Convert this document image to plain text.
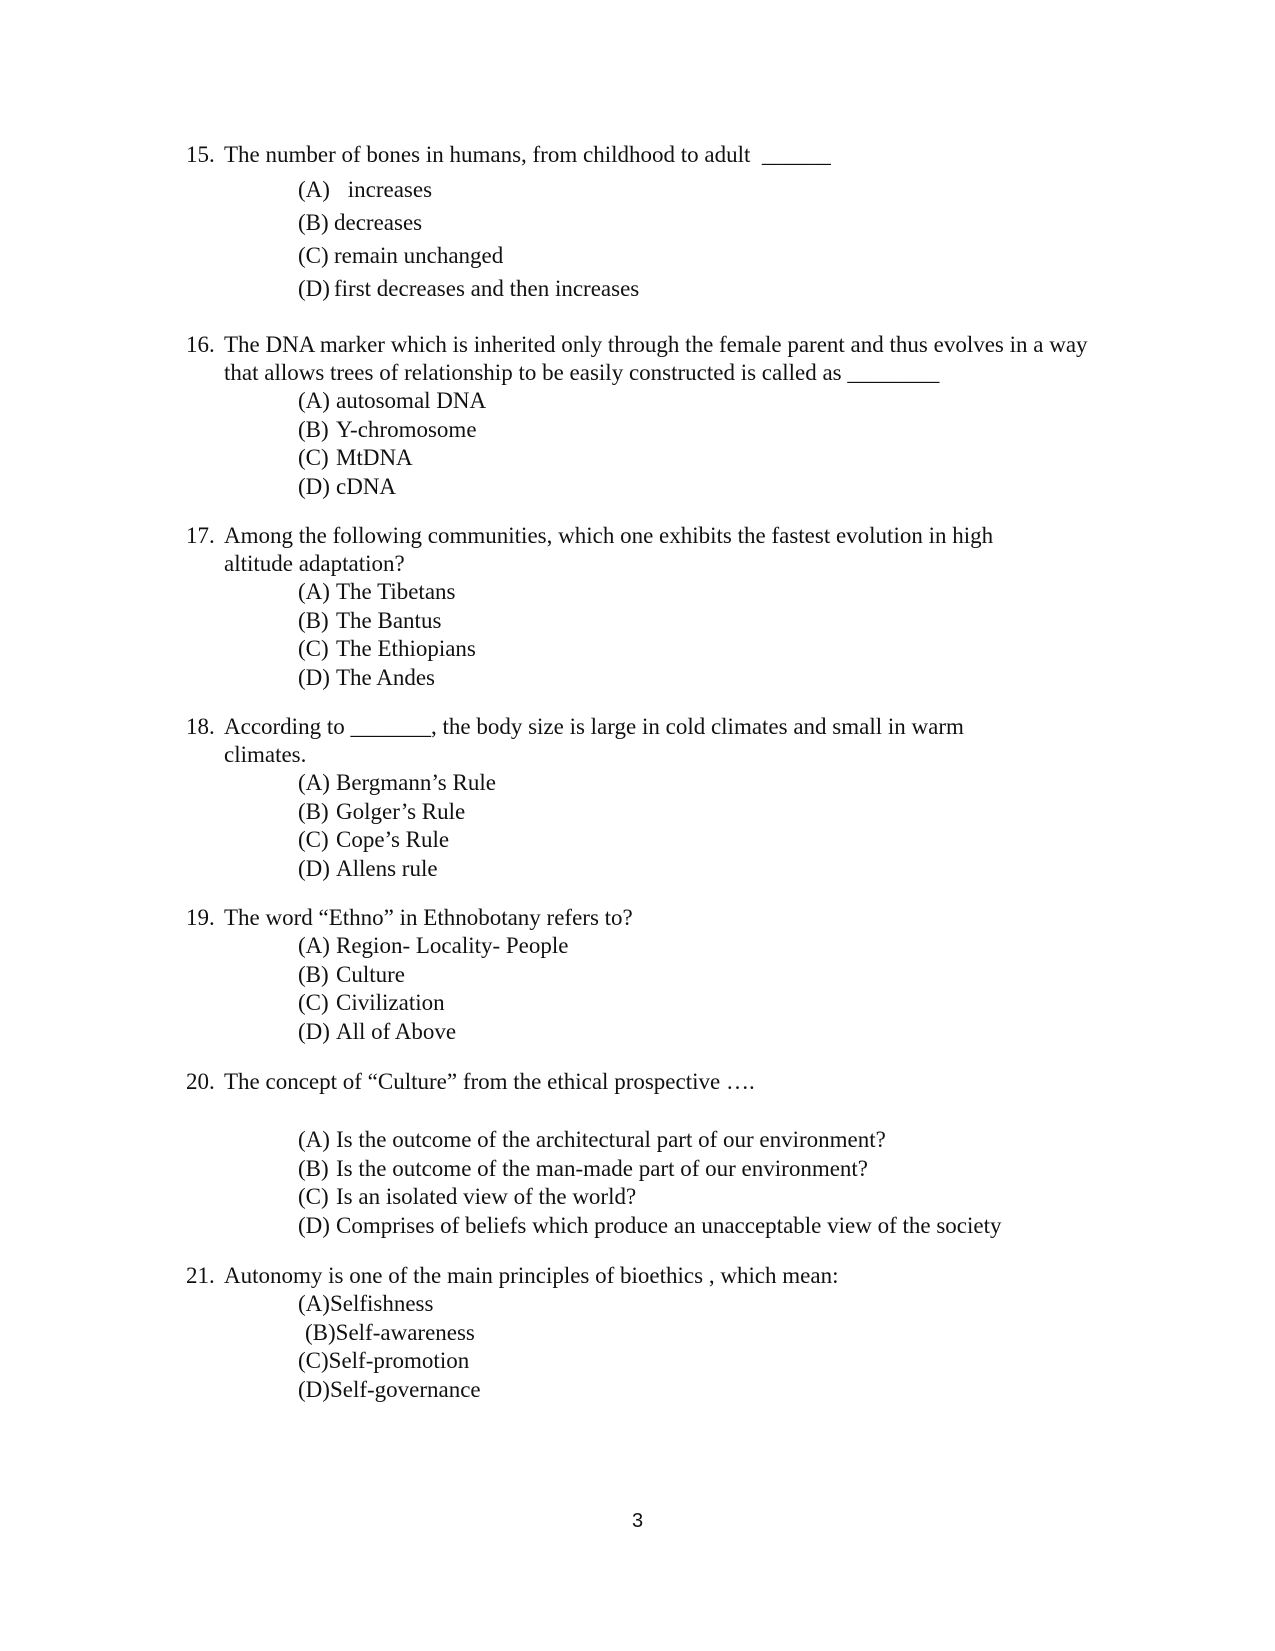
15. The number of bones in humans, from childhood to adult  ______
(A) increases
(B) decreases
(C) remain unchanged
(D) first decreases and then increases
16. The DNA marker which is inherited only through the female parent and thus evolves in a way that allows trees of relationship to be easily constructed is called as ________
(A) autosomal DNA
(B) Y-chromosome
(C) MtDNA
(D) cDNA
17. Among the following communities, which one exhibits the fastest evolution in high altitude adaptation?
(A) The Tibetans
(B) The Bantus
(C) The Ethiopians
(D) The Andes
18. According to _______, the body size is large in cold climates and small in warm climates.
(A) Bergmann’s Rule
(B) Golger’s Rule
(C) Cope’s Rule
(D) Allens rule
19. The word “Ethno” in Ethnobotany refers to?
(A) Region- Locality- People
(B) Culture
(C) Civilization
(D) All of Above
20. The concept of “Culture” from the ethical prospective ….
(A) Is the outcome of the architectural part of our environment?
(B) Is the outcome of the man-made part of our environment?
(C) Is an isolated view of the world?
(D) Comprises of beliefs which produce an unacceptable view of the society
21. Autonomy is one of the main principles of bioethics , which mean:
(A)Selfishness
(B)Self-awareness
(C)Self-promotion
(D)Self-governance
3
